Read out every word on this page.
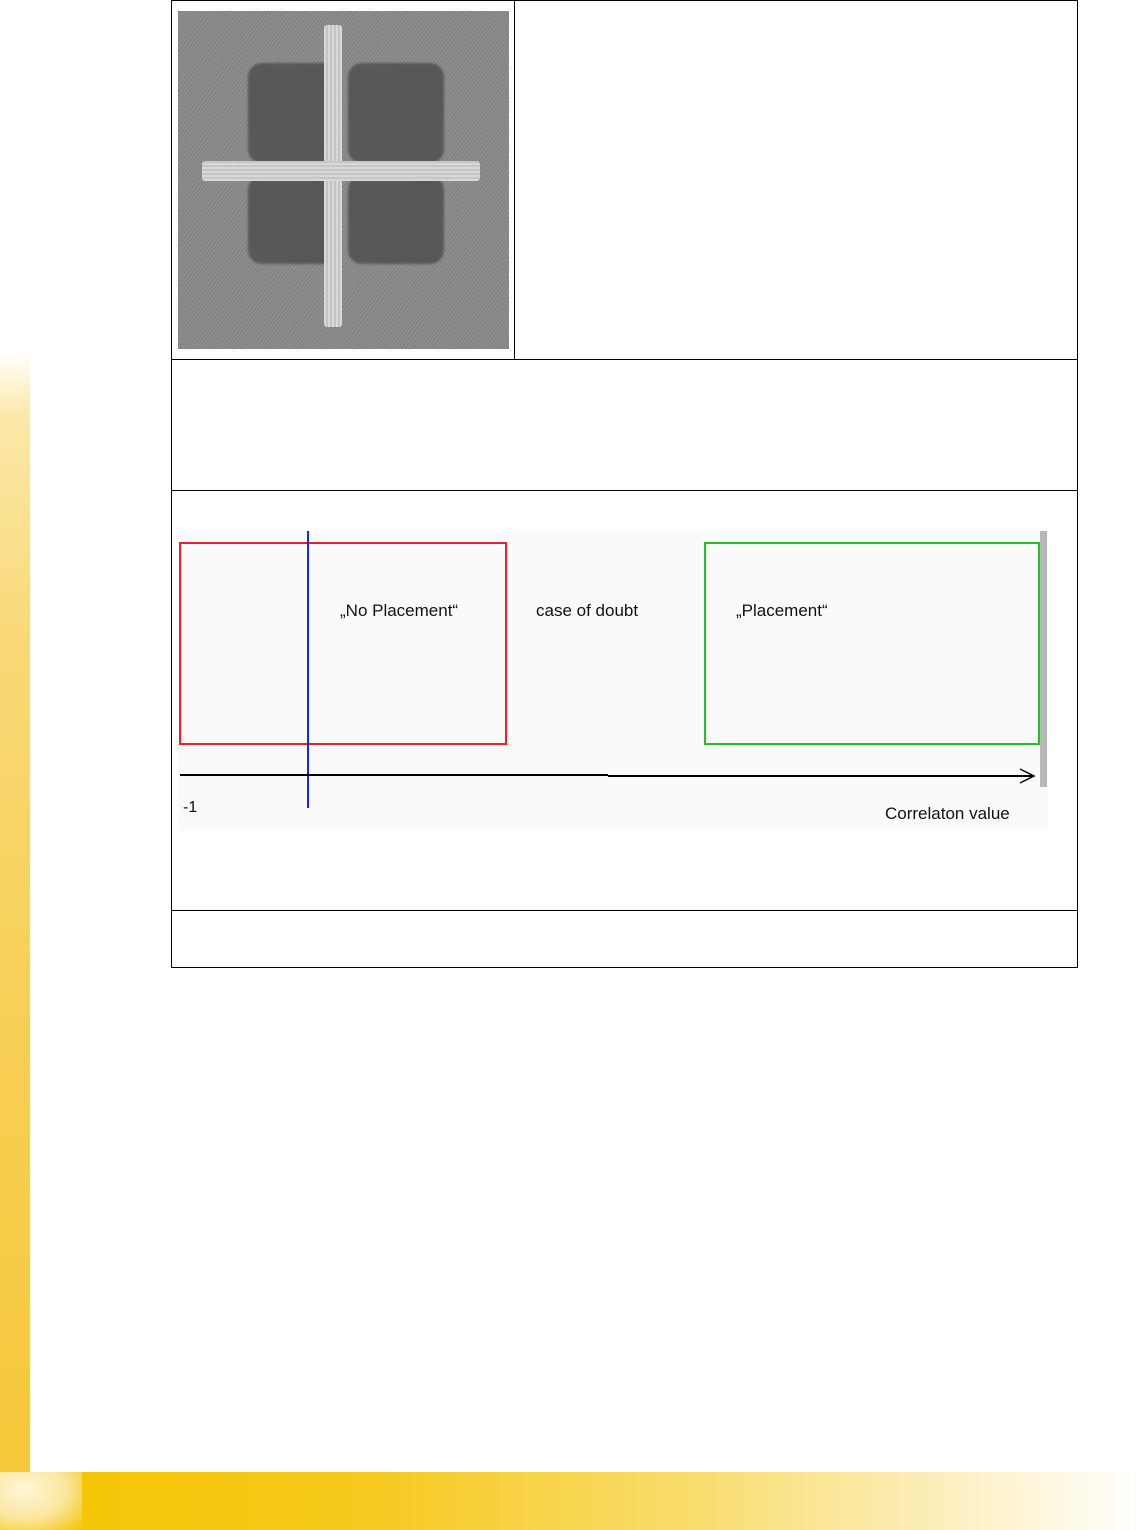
„No Placement“	case of doubt	„Placement“
-1	Correlaton value
